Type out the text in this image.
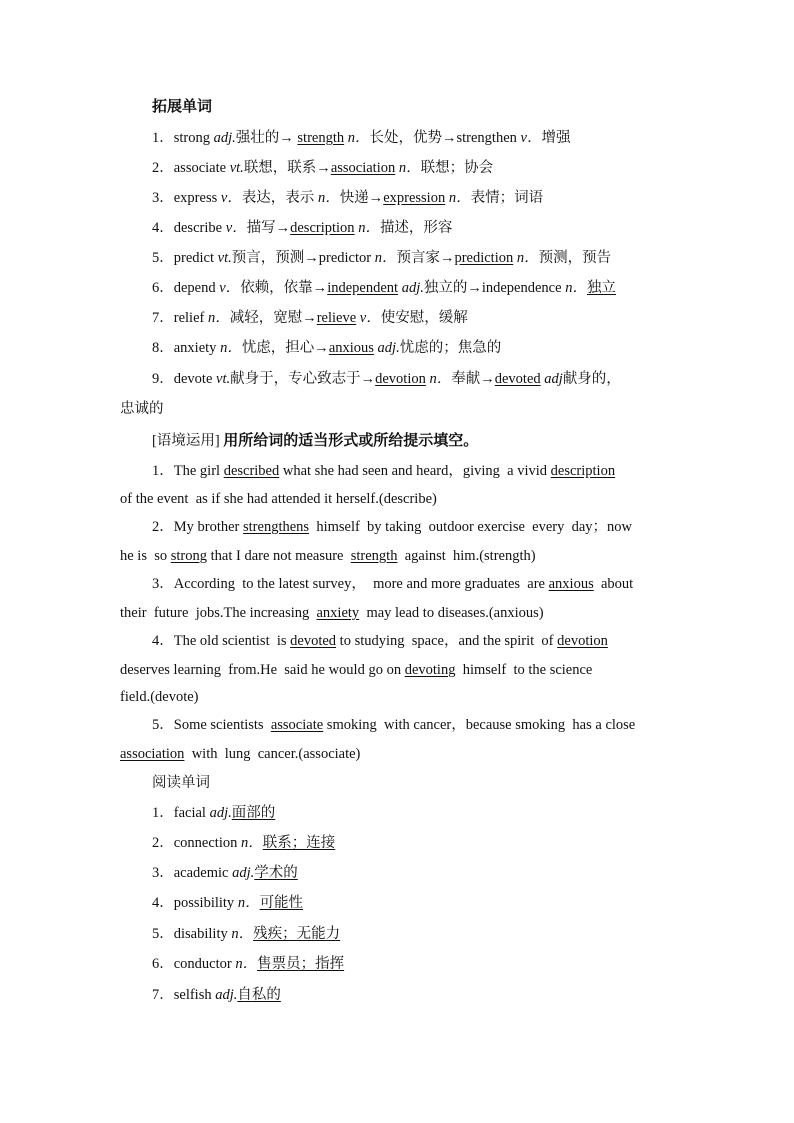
拓展单词
1．strong adj.强壮的→ strength n．长处，优势→strengthen v．增强
2．associate vt.联想，联系→association n．联想；协会
3．express v．表达，表示 n．快递→expression n．表情；词语
4．describe v．描写→description n．描述，形容
5．predict vt.预言，预测→predictor n．预言家→prediction n．预测，预告
6．depend v．依赖，依靠→independent adj.独立的→independence n．独立
7．relief n．减轻，宽慰→relieve v．使安慰，缓解
8．anxiety n．忧虑，担心→anxious adj.忧虑的；焦急的
9．devote vt.献身于，专心致志于→devotion n．奉献→devoted adj献身的，
忠诚的
[语境运用] 用所给词的适当形式或所给提示填空。
1．The girl described what she had seen and heard，giving  a vivid description
of the event  as if she had attended it herself.(describe)
2．My brother strengthens  himself  by taking  outdoor exercise  every  day；now
he is  so strong that I dare not measure  strength  against  him.(strength)
3．According  to the latest survey，  more and more graduates  are anxious  about
their  future  jobs.The increasing  anxiety  may lead to diseases.(anxious)
4．The old scientist  is devoted to studying  space，and the spirit  of devotion
deserves learning  from.He  said he would go on devoting  himself  to the science
field.(devote)
5．Some scientists  associate smoking  with cancer，because smoking  has a close
association  with  lung  cancer.(associate)
阅读单词
1．facial adj.面部的
2．connection n．联系；连接
3．academic adj.学术的
4．possibility n．可能性
5．disability n．残疾；无能力
6．conductor n．售票员；指挥
7．selfish adj.自私的
